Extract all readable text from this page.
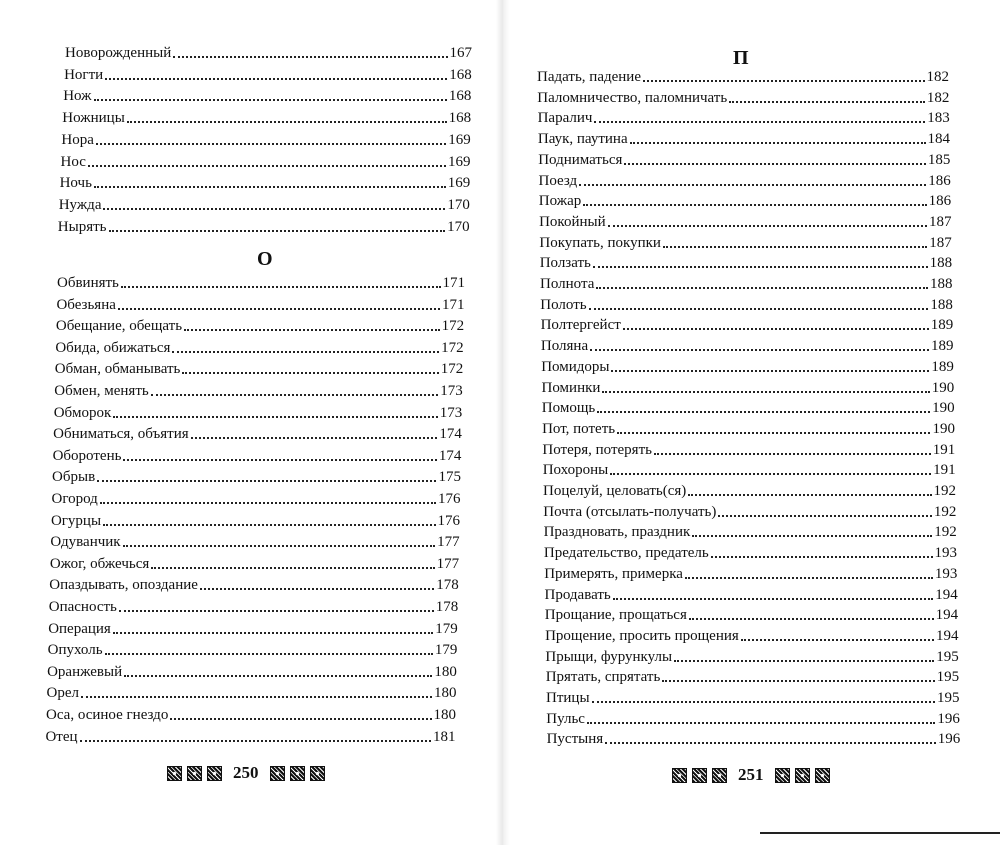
Новорожденный	167
Ногти	168
Нож	168
Ножницы	168
Нора	169
Нос	169
Ночь	169
Нужда	170
Нырять	170
О
Обвинять	171
Обезьяна	171
Обещание, обещать	172
Обида, обижаться	172
Обман, обманывать	172
Обмен, менять	173
Обморок	173
Обниматься, объятия	174
Оборотень	174
Обрыв	175
Огород	176
Огурцы	176
Одуванчик	177
Ожог, обжечься	177
Опаздывать, опоздание	178
Опасность	178
Операция	179
Опухоль	179
Оранжевый	180
Орел	180
Оса, осиное гнездо	180
Отец	181
250
П
Падать, падение	182
Паломничество, паломничать	182
Паралич	183
Паук, паутина	184
Подниматься	185
Поезд	186
Пожар	186
Покойный	187
Покупать, покупки	187
Ползать	188
Полнота	188
Полоть	188
Полтергейст	189
Поляна	189
Помидоры	189
Поминки	190
Помощь	190
Пот, потеть	190
Потеря, потерять	191
Похороны	191
Поцелуй, целовать(ся)	192
Почта (отсылать-получать)	192
Праздновать, праздник	192
Предательство, предатель	193
Примерять, примерка	193
Продавать	194
Прощание, прощаться	194
Прощение, просить прощения	194
Прыщи, фурункулы	195
Прятать, спрятать	195
Птицы	195
Пульс	196
Пустыня	196
251
